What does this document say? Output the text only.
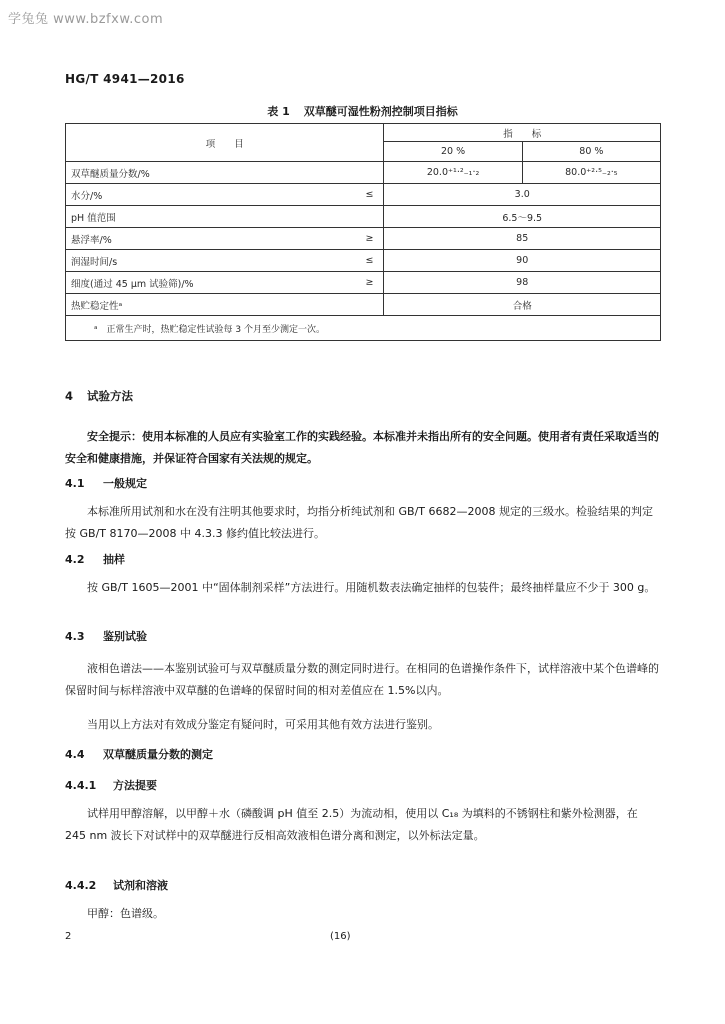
学兔兔 www.bzfxw.com
HG/T 4941—2016
表 1 双草醚可湿性粉剂控制项目指标
项　　目		指　　标	
		20 %	80 %
双草醚质量分数/%		20.0⁺¹·²₋₁·₂	80.0⁺²·⁵₋₂·₅
水分/%	≤	3.0	
pH 值范围		6.5～9.5	
悬浮率/%	≥	85	
润湿时间/s	≤	90	
细度(通过 45 μm 试验筛)/%	≥	98	
热贮稳定性ᵃ		合格	
ᵃ　正常生产时，热贮稳定性试验每 3 个月至少测定一次。			
4 试验方法
安全提示：使用本标准的人员应有实验室工作的实践经验。本标准并未指出所有的安全问题。使用者有责任采取适当的安全和健康措施，并保证符合国家有关法规的规定。
4.1 一般规定
本标准所用试剂和水在没有注明其他要求时，均指分析纯试剂和 GB/T 6682—2008 规定的三级水。检验结果的判定按 GB/T 8170—2008 中 4.3.3 修约值比较法进行。
4.2 抽样
按 GB/T 1605—2001 中“固体制剂采样”方法进行。用随机数表法确定抽样的包装件；最终抽样量应不少于 300 g。
4.3 鉴别试验
液相色谱法——本鉴别试验可与双草醚质量分数的测定同时进行。在相同的色谱操作条件下，试样溶液中某个色谱峰的保留时间与标样溶液中双草醚的色谱峰的保留时间的相对差值应在 1.5%以内。
当用以上方法对有效成分鉴定有疑问时，可采用其他有效方法进行鉴别。
4.4 双草醚质量分数的测定
4.4.1 方法提要
试样用甲醇溶解，以甲醇＋水（磷酸调 pH 值至 2.5）为流动相，使用以 C₁₈ 为填料的不锈钢柱和紫外检测器，在 245 nm 波长下对试样中的双草醚进行反相高效液相色谱分离和测定，以外标法定量。
4.4.2 试剂和溶液
甲醇：色谱级。
2	(16)
